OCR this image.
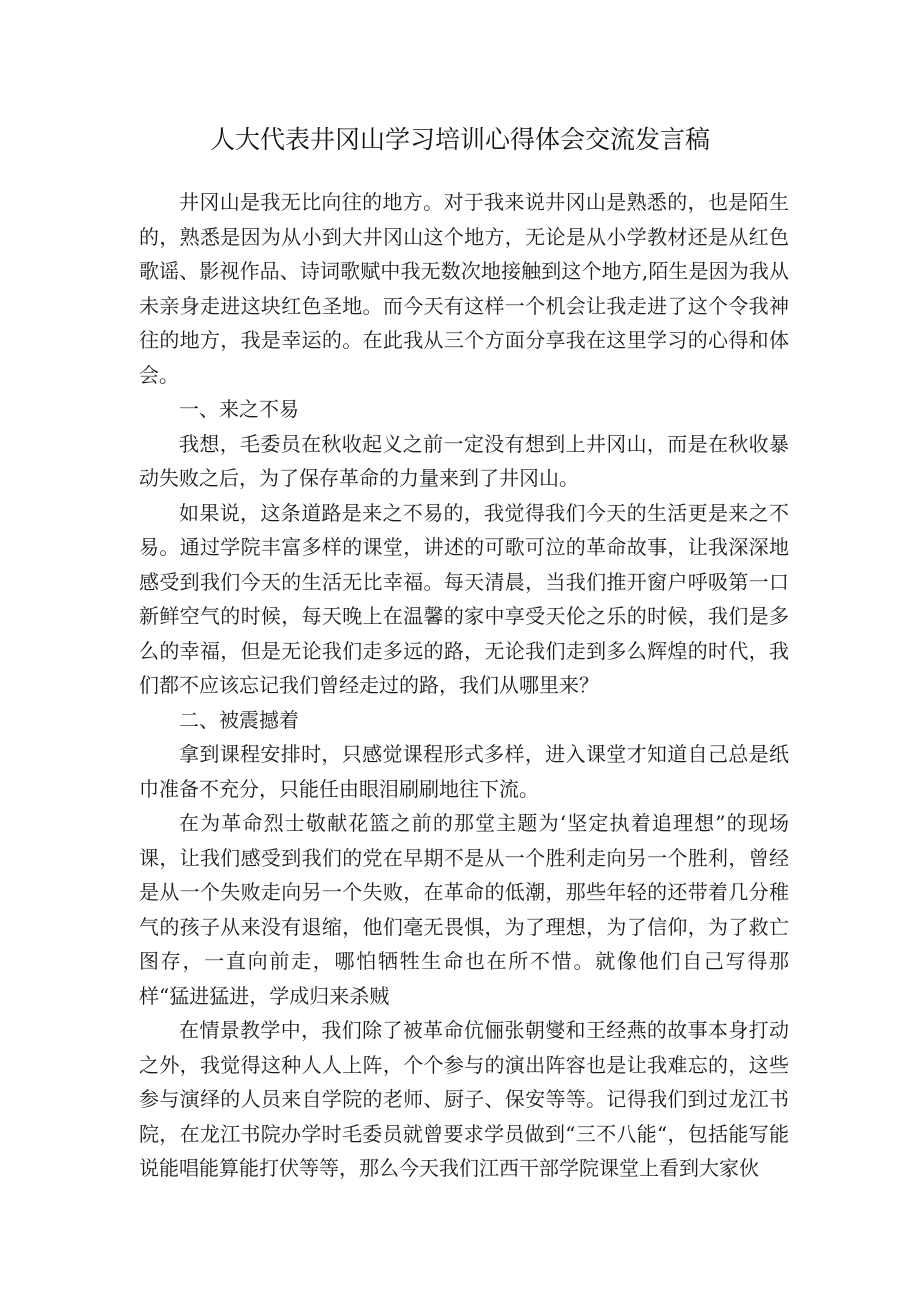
人大代表井冈山学习培训心得体会交流发言稿

井冈山是我无比向往的地方。对于我来说井冈山是熟悉的，也是陌生的，熟悉是因为从小到大井冈山这个地方，无论是从小学教材还是从红色歌谣、影视作品、诗词歌赋中我无数次地接触到这个地方,陌生是因为我从未亲身走进这块红色圣地。而今天有这样一个机会让我走进了这个令我神往的地方，我是幸运的。在此我从三个方面分享我在这里学习的心得和体会。

一、来之不易

我想，毛委员在秋收起义之前一定没有想到上井冈山，而是在秋收暴动失败之后，为了保存革命的力量来到了井冈山。

如果说，这条道路是来之不易的，我觉得我们今天的生活更是来之不易。通过学院丰富多样的课堂，讲述的可歌可泣的革命故事，让我深深地感受到我们今天的生活无比幸福。每天清晨，当我们推开窗户呼吸第一口新鲜空气的时候，每天晚上在温馨的家中享受天伦之乐的时候，我们是多么的幸福，但是无论我们走多远的路，无论我们走到多么辉煌的时代，我们都不应该忘记我们曾经走过的路，我们从哪里来？

二、被震撼着

拿到课程安排时，只感觉课程形式多样，进入课堂才知道自己总是纸巾准备不充分，只能任由眼泪刷刷地往下流。

在为革命烈士敬献花篮之前的那堂主题为‘坚定执着追理想”的现场课，让我们感受到我们的党在早期不是从一个胜利走向另一个胜利，曾经是从一个失败走向另一个失败，在革命的低潮，那些年轻的还带着几分稚气的孩子从来没有退缩，他们毫无畏惧，为了理想，为了信仰，为了救亡图存，一直向前走，哪怕牺牲生命也在所不惜。就像他们自己写得那样“猛进猛进，学成归来杀贼

在情景教学中，我们除了被革命伉俪张朝燮和王经燕的故事本身打动之外，我觉得这种人人上阵，个个参与的演出阵容也是让我难忘的，这些参与演绎的人员来自学院的老师、厨子、保安等等。记得我们到过龙江书院，在龙江书院办学时毛委员就曾要求学员做到“三不八能“，包括能写能说能唱能算能打伏等等，那么今天我们江西干部学院课堂上看到大家伙
